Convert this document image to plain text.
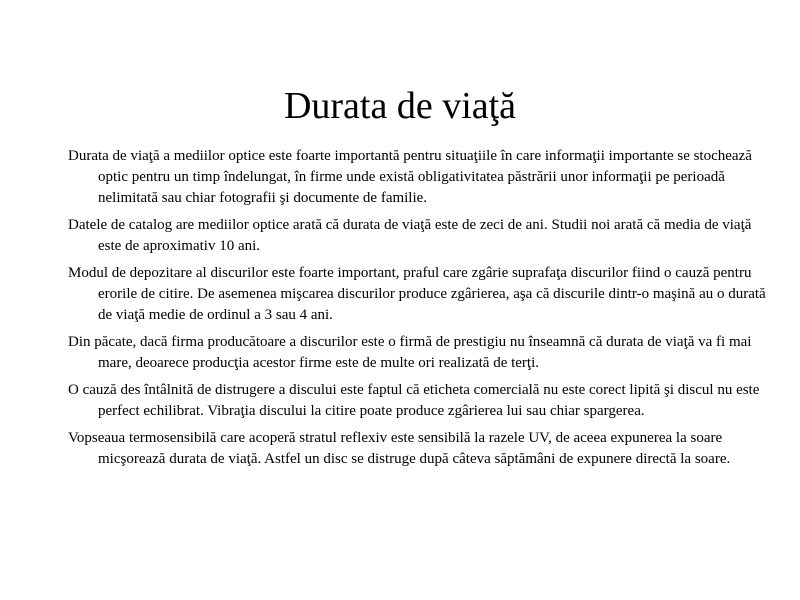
Durata de viaţă
Durata de viaţă a mediilor optice este foarte importantă pentru situaţiile în care informaţii importante se stochează optic pentru un timp îndelungat, în firme unde există obligativitatea păstrării unor informaţii pe perioadă nelimitată sau chiar fotografii şi documente de familie.
Datele de catalog are mediilor optice arată că durata de viaţă este de zeci de ani. Studii noi arată că media de viaţă este de aproximativ 10 ani.
Modul de depozitare al discurilor este foarte important, praful care zgârie suprafaţa discurilor fiind o cauză pentru erorile de citire. De asemenea mişcarea discurilor produce zgârierea, aşa că discurile dintr-o maşină au o durată de viaţă medie de ordinul a 3 sau 4 ani.
Din păcate, dacă firma producătoare a discurilor este o firmă de prestigiu nu înseamnă că durata de viaţă va fi mai mare, deoarece producţia acestor firme este de multe ori realizată de terţi.
O cauză des întâlnită de distrugere a discului este faptul că eticheta comercială nu este corect lipită şi discul nu este perfect echilibrat. Vibraţia discului la citire poate produce zgârierea lui sau chiar spargerea.
Vopseaua termosensibilă care acoperă stratul reflexiv este sensibilă la razele UV, de aceea expunerea la soare micşorează durata de viaţă. Astfel un disc se distruge după câteva săptămâni de expunere directă la soare.
